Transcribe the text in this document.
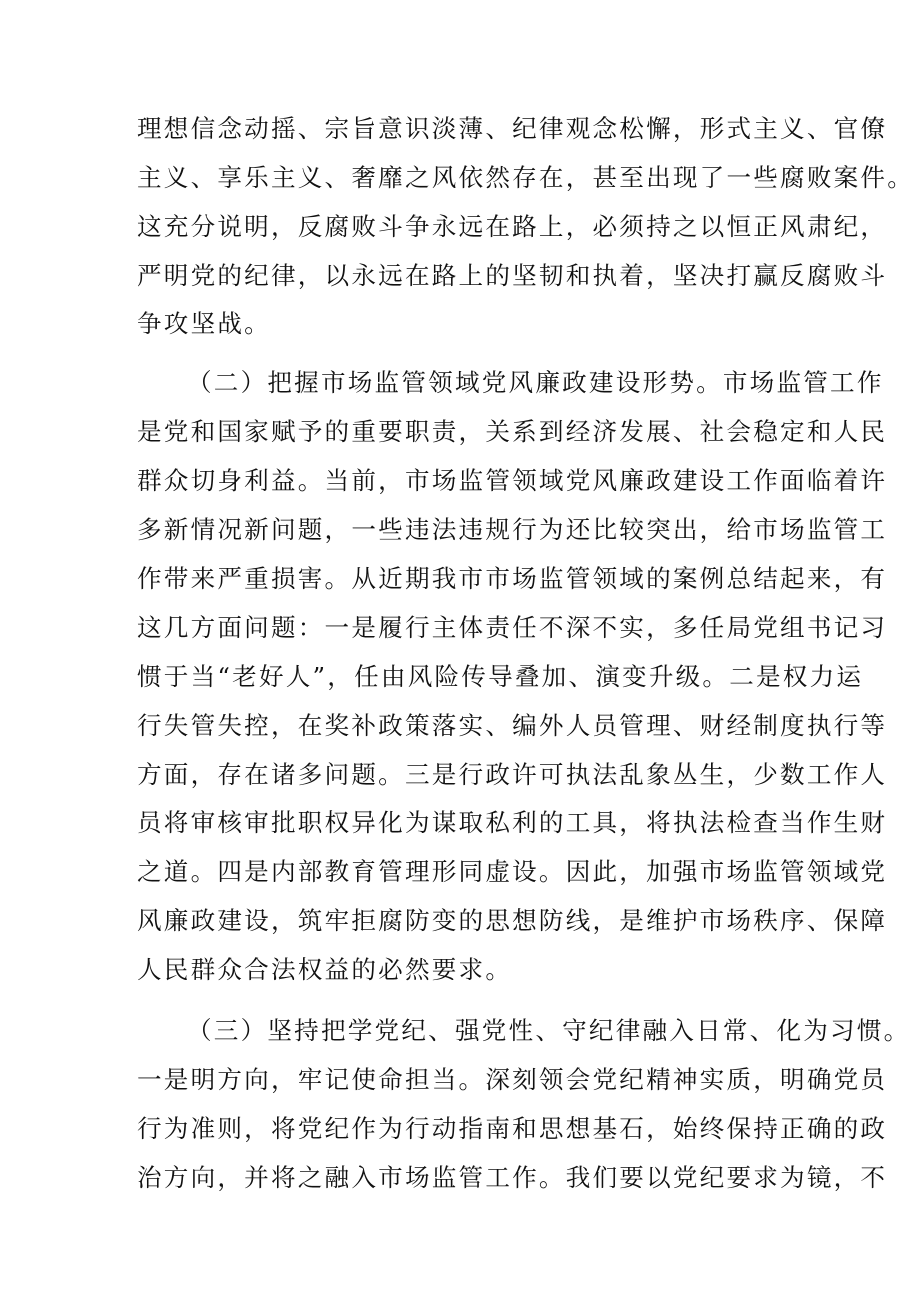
理想信念动摇、宗旨意识淡薄、纪律观念松懈，形式主义、官僚
主义、享乐主义、奢靡之风依然存在，甚至出现了一些腐败案件。
这充分说明，反腐败斗争永远在路上，必须持之以恒正风肃纪，
严明党的纪律，以永远在路上的坚韧和执着，坚决打赢反腐败斗
争攻坚战。
（二）把握市场监管领域党风廉政建设形势。市场监管工作
是党和国家赋予的重要职责，关系到经济发展、社会稳定和人民
群众切身利益。当前，市场监管领域党风廉政建设工作面临着许
多新情况新问题，一些违法违规行为还比较突出，给市场监管工
作带来严重损害。从近期我市市场监管领域的案例总结起来，有
这几方面问题：一是履行主体责任不深不实，多任局党组书记习
惯于当“老好人”，任由风险传导叠加、演变升级。二是权力运
行失管失控，在奖补政策落实、编外人员管理、财经制度执行等
方面，存在诸多问题。三是行政许可执法乱象丛生，少数工作人
员将审核审批职权异化为谋取私利的工具，将执法检查当作生财
之道。四是内部教育管理形同虚设。因此，加强市场监管领域党
风廉政建设，筑牢拒腐防变的思想防线，是维护市场秩序、保障
人民群众合法权益的必然要求。
（三）坚持把学党纪、强党性、守纪律融入日常、化为习惯。
一是明方向，牢记使命担当。深刻领会党纪精神实质，明确党员
行为准则，将党纪作为行动指南和思想基石，始终保持正确的政
治方向，并将之融入市场监管工作。我们要以党纪要求为镜，不
